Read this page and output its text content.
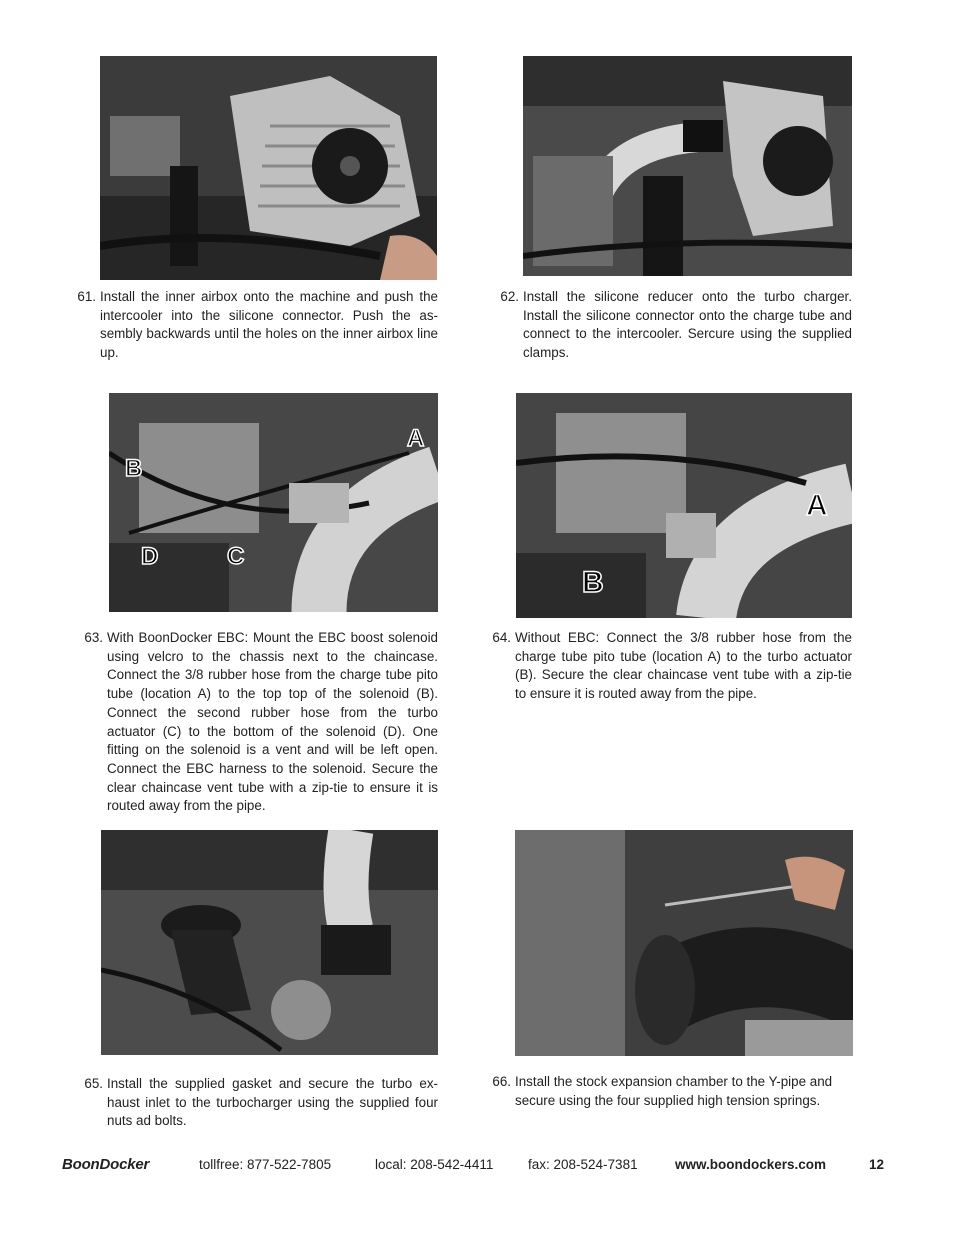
A
B
D	C
A
B
61. Install the inner airbox onto the machine and push the intercooler into the silicone connector. Push the assembly backwards until the holes on the inner airbox line up.
62. Install the silicone reducer onto the turbo charger. Install the silicone connector onto the charge tube and connect to the intercooler. Sercure using the supplied clamps.
63. With BoonDocker EBC: Mount the EBC boost solenoid using velcro to the chassis next to the chaincase. Connect the 3/8 rubber hose from the charge tube pito tube (location A) to the top top of the solenoid (B). Connect the second rubber hose from the turbo actuator (C) to the bottom of the solenoid (D). One fitting on the solenoid is a vent and will be left open. Connect the EBC harness to the solenoid. Secure the clear chaincase vent tube with a zip-tie to ensure it is routed away from the pipe.
64. Without EBC: Connect the 3/8 rubber hose from the charge tube pito tube (location A) to the turbo actuator (B). Secure the clear chaincase vent tube with a zip-tie to ensure it is routed away from the pipe.
65. Install the supplied gasket and secure the turbo exhaust inlet to the turbocharger using the supplied four nuts ad bolts.
66. Install the stock expansion chamber to the Y-pipe and secure using the four supplied high tension springs.
BoonDocker	tollfree: 877-522-7805	local: 208-542-4411	fax: 208-524-7381	www.boondockers.com	12
